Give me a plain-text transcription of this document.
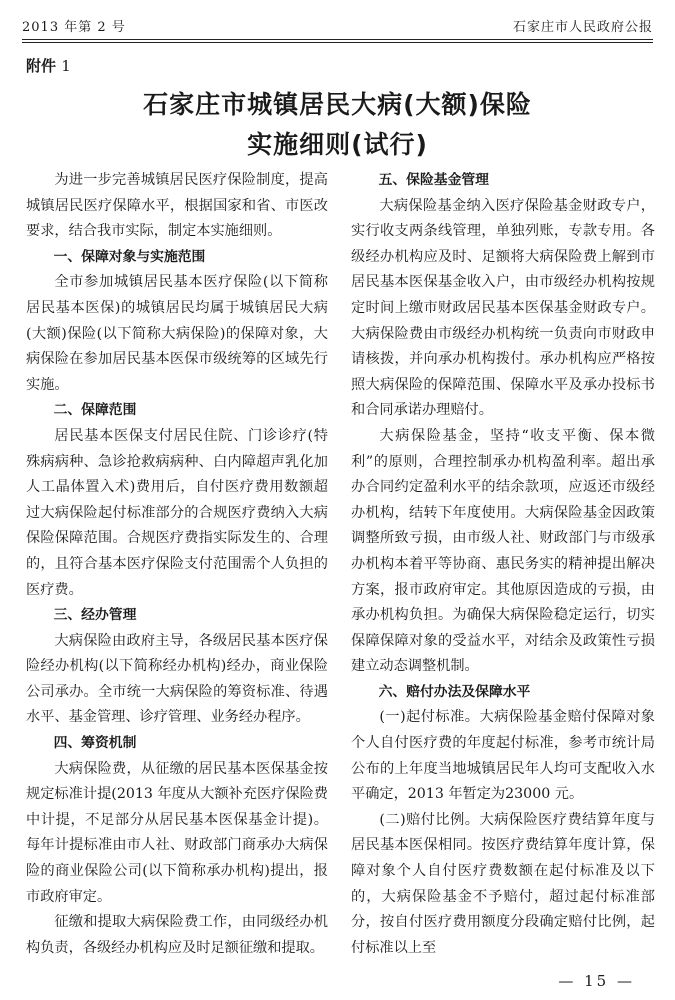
2013 年第 2 号	石家庄市人民政府公报
附件 1
石家庄市城镇居民大病(大额)保险
实施细则(试行)

为进一步完善城镇居民医疗保险制度，提高城镇居民医疗保障水平，根据国家和省、市医改要求，结合我市实际，制定本实施细则。

一、保障对象与实施范围

全市参加城镇居民基本医疗保险(以下简称居民基本医保)的城镇居民均属于城镇居民大病(大额)保险(以下简称大病保险)的保障对象，大病保险在参加居民基本医保市级统筹的区域先行实施。

二、保障范围

居民基本医保支付居民住院、门诊诊疗(特殊病病种、急诊抢救病病种、白内障超声乳化加人工晶体置入术)费用后，自付医疗费用数额超过大病保险起付标准部分的合规医疗费纳入大病保险保障范围。合规医疗费指实际发生的、合理的，且符合基本医疗保险支付范围需个人负担的医疗费。

三、经办管理

大病保险由政府主导，各级居民基本医疗保险经办机构(以下简称经办机构)经办，商业保险公司承办。全市统一大病保险的筹资标准、待遇水平、基金管理、诊疗管理、业务经办程序。

四、筹资机制

大病保险费，从征缴的居民基本医保基金按规定标准计提(2013 年度从大额补充医疗保险费中计提，不足部分从居民基本医保基金计提)。每年计提标准由市人社、财政部门商承办大病保险的商业保险公司(以下简称承办机构)提出，报市政府审定。

征缴和提取大病保险费工作，由同级经办机构负责，各级经办机构应及时足额征缴和提取。

五、保险基金管理

大病保险基金纳入医疗保险基金财政专户，实行收支两条线管理，单独列账，专款专用。各级经办机构应及时、足额将大病保险费上解到市居民基本医保基金收入户，由市级经办机构按规定时间上缴市财政居民基本医保基金财政专户。大病保险费由市级经办机构统一负责向市财政申请核拨，并向承办机构拨付。承办机构应严格按照大病保险的保障范围、保障水平及承办投标书和合同承诺办理赔付。

大病保险基金，坚持“收支平衡、保本微利”的原则，合理控制承办机构盈利率。超出承办合同约定盈利水平的结余款项，应返还市级经办机构，结转下年度使用。大病保险基金因政策调整所致亏损，由市级人社、财政部门与市级承办机构本着平等协商、惠民务实的精神提出解决方案，报市政府审定。其他原因造成的亏损，由承办机构负担。为确保大病保险稳定运行，切实保障保障对象的受益水平，对结余及政策性亏损建立动态调整机制。

六、赔付办法及保障水平

(一)起付标准。大病保险基金赔付保障对象个人自付医疗费的年度起付标准，参考市统计局公布的上年度当地城镇居民年人均可支配收入水平确定，2013 年暂定为23000 元。

(二)赔付比例。大病保险医疗费结算年度与居民基本医保相同。按医疗费结算年度计算，保障对象个人自付医疗费数额在起付标准及以下的，大病保险基金不予赔付，超过起付标准部分，按自付医疗费用额度分段确定赔付比例，起付标准以上至

— 15 —
